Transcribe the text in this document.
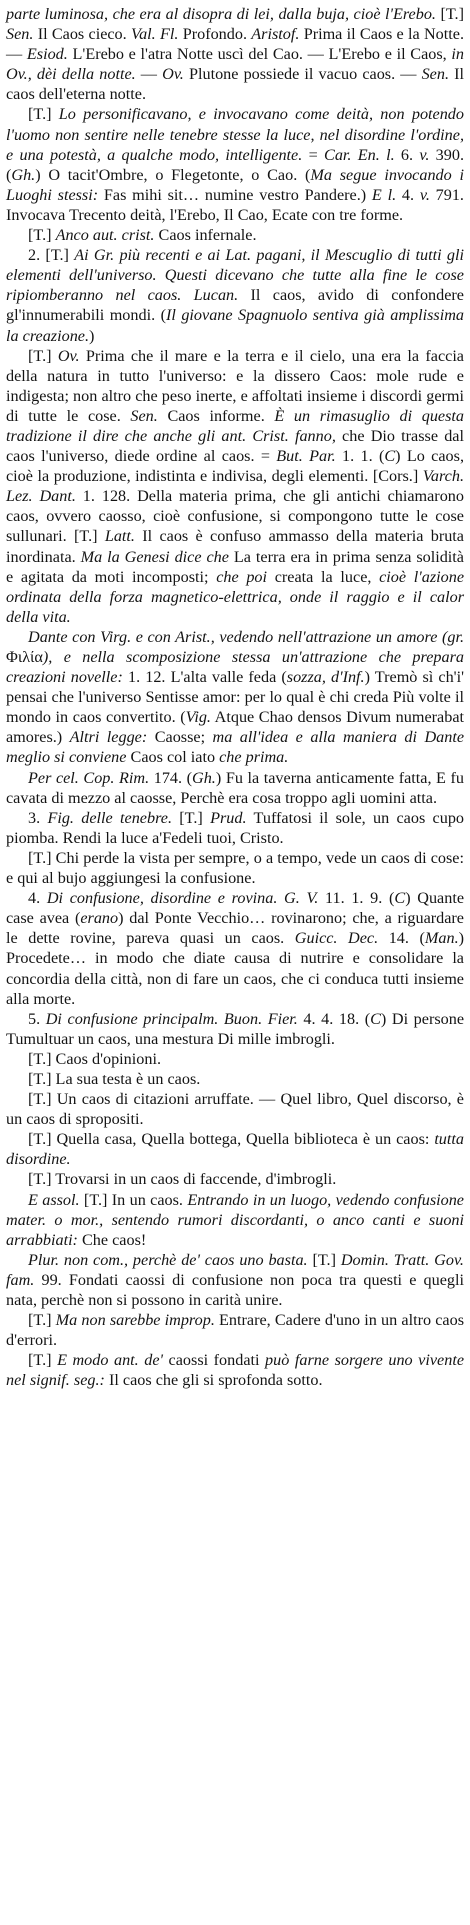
parte luminosa, che era al disopra di lei, dalla buja, cioè l'Erebo. [T.] Sen. Il Caos cieco. Val. Fl. Profondo. Aristof. Prima il Caos e la Notte. — Esiod. L'Erebo e l'atra Notte uscì del Cao. — L'Erebo e il Caos, in Ov., dèi della notte. — Ov. Plutone possiede il vacuo caos. — Sen. Il caos dell'eterna notte.

[T.] Lo personificavano, e invocavano come deità, non potendo l'uomo non sentire nelle tenebre stesse la luce, nel disordine l'ordine, e una potestà, a qualche modo, intelligente. = Car. En. l. 6. v. 390. (Gh.) O tacit'Ombre, o Flegetonte, o Cao. (Ma segue invocando i Luoghi stessi: Fas mihi sit… numine vestro Pandere.) E l. 4. v. 791. Invocava Trecento deità, l'Erebo, Il Cao, Ecate con tre forme.

[T.] Anco aut. crist. Caos infernale.

2. [T.] Ai Gr. più recenti e ai Lat. pagani, il Mescuglio di tutti gli elementi dell'universo. Questi dicevano che tutte alla fine le cose ripiomberanno nel caos. Lucan. Il caos, avido di confondere gl'innumerabili mondi. (Il giovane Spagnuolo sentiva già amplissima la creazione.)

[T.] Ov. Prima che il mare e la terra e il cielo, una era la faccia della natura in tutto l'universo: e la dissero Caos: mole rude e indigesta; non altro che peso inerte, e affoltati insieme i discordi germi di tutte le cose. Sen. Caos informe. È un rimasuglio di questa tradizione il dire che anche gli ant. Crist. fanno, che Dio trasse dal caos l'universo, diede ordine al caos. = But. Par. 1. 1. (C) Lo caos, cioè la produzione, indistinta e indivisa, degli elementi. [Cors.] Varch. Lez. Dant. 1. 128. Della materia prima, che gli antichi chiamarono caos, ovvero caosso, cioè confusione, si compongono tutte le cose sullunari. [T.] Latt. Il caos è confuso ammasso della materia bruta inordinata. Ma la Genesi dice che La terra era in prima senza solidità e agitata da moti incomposti; che poi creata la luce, cioè l'azione ordinata della forza magnetico-elettrica, onde il raggio e il calor della vita.

Dante con Virg. e con Arist., vedendo nell'attrazione un amore (gr. Φιλία), e nella scomposizione stessa un'attrazione che prepara creazioni novelle: 1. 12. L'alta valle feda (sozza, d'Inf.) Tremò sì ch'i' pensai che l'universo Sentisse amor: per lo qual è chi creda Più volte il mondo in caos convertito. (Vig. Atque Chao densos Divum numerabat amores.) Altri legge: Caosse; ma all'idea e alla maniera di Dante meglio si conviene Caos col iato che prima.

Per cel. Cop. Rim. 174. (Gh.) Fu la taverna anticamente fatta, E fu cavata di mezzo al caosse, Perchè era cosa troppo agli uomini atta.

3. Fig. delle tenebre. [T.] Prud. Tuffatosi il sole, un caos cupo piomba. Rendi la luce a'Fedeli tuoi, Cristo.

[T.] Chi perde la vista per sempre, o a tempo, vede un caos di cose: e qui al bujo aggiungesi la confusione.

4. Di confusione, disordine e rovina. G. V. 11. 1. 9. (C) Quante case avea (erano) dal Ponte Vecchio… rovinarono; che, a riguardare le dette rovine, pareva quasi un caos. Guicc. Dec. 14. (Man.) Procedete… in modo che diate causa di nutrire e consolidare la concordia della città, non di fare un caos, che ci conduca tutti insieme alla morte.

5. Di confusione principalm. Buon. Fier. 4. 4. 18. (C) Di persone Tumultuar un caos, una mestura Di mille imbrogli.

[T.] Caos d'opinioni.

[T.] La sua testa è un caos.

[T.] Un caos di citazioni arruffate. — Quel libro, Quel discorso, è un caos di spropositi.

[T.] Quella casa, Quella bottega, Quella biblioteca è un caos: tutta disordine.

[T.] Trovarsi in un caos di faccende, d'imbrogli.

E assol. [T.] In un caos. Entrando in un luogo, vedendo confusione mater. o mor., sentendo rumori discordanti, o anco canti e suoni arrabbiati: Che caos!

Plur. non com., perchè de' caos uno basta. [T.] Domin. Tratt. Gov. fam. 99. Fondati caossi di confusione non poca tra questi e quegli nata, perchè non si possono in carità unire.

[T.] Ma non sarebbe improp. Entrare, Cadere d'uno in un altro caos d'errori.

[T.] E modo ant. de' caossi fondati può farne sorgere uno vivente nel signif. seg.: Il caos che gli si sprofonda sotto.
